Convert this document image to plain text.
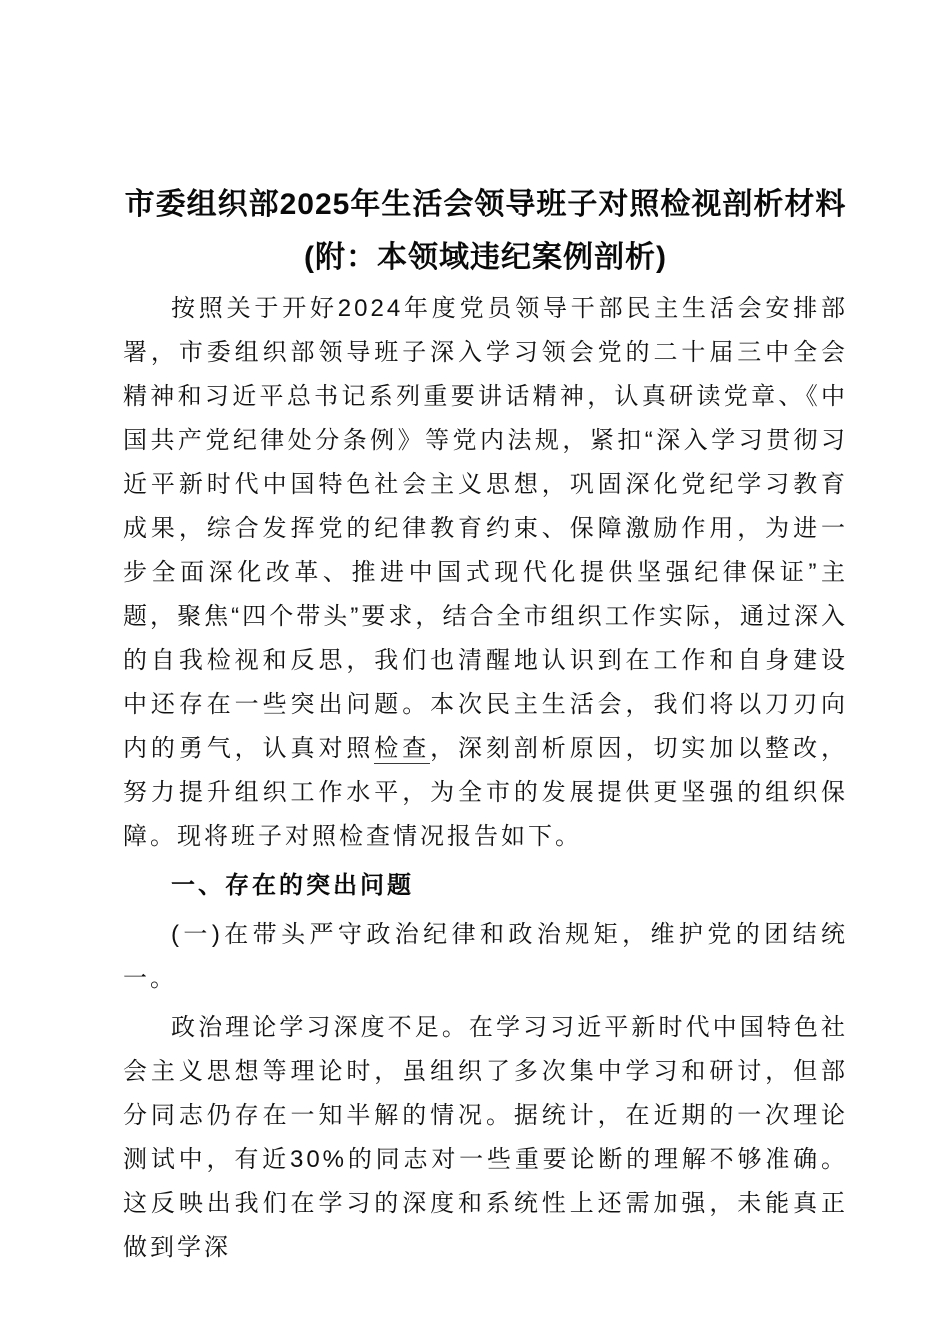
市委组织部2025年生活会领导班子对照检视剖析材料
(附：本领域违纪案例剖析)

按照关于开好2024年度党员领导干部民主生活会安排部署，市委组织部领导班子深入学习领会党的二十届三中全会精神和习近平总书记系列重要讲话精神，认真研读党章、《中国共产党纪律处分条例》等党内法规，紧扣“深入学习贯彻习近平新时代中国特色社会主义思想，巩固深化党纪学习教育成果，综合发挥党的纪律教育约束、保障激励作用，为进一步全面深化改革、推进中国式现代化提供坚强纪律保证”主题，聚焦“四个带头”要求，结合全市组织工作实际，通过深入的自我检视和反思，我们也清醒地认识到在工作和自身建设中还存在一些突出问题。本次民主生活会，我们将以刀刃向内的勇气，认真对照检查，深刻剖析原因，切实加以整改，努力提升组织工作水平，为全市的发展提供更坚强的组织保障。现将班子对照检查情况报告如下。

一、存在的突出问题

(一)在带头严守政治纪律和政治规矩，维护党的团结统一。

政治理论学习深度不足。在学习习近平新时代中国特色社会主义思想等理论时，虽组织了多次集中学习和研讨，但部分同志仍存在一知半解的情况。据统计，在近期的一次理论测试中，有近30%的同志对一些重要论断的理解不够准确。这反映出我们在学习的深度和系统性上还需加强，未能真正做到学深
